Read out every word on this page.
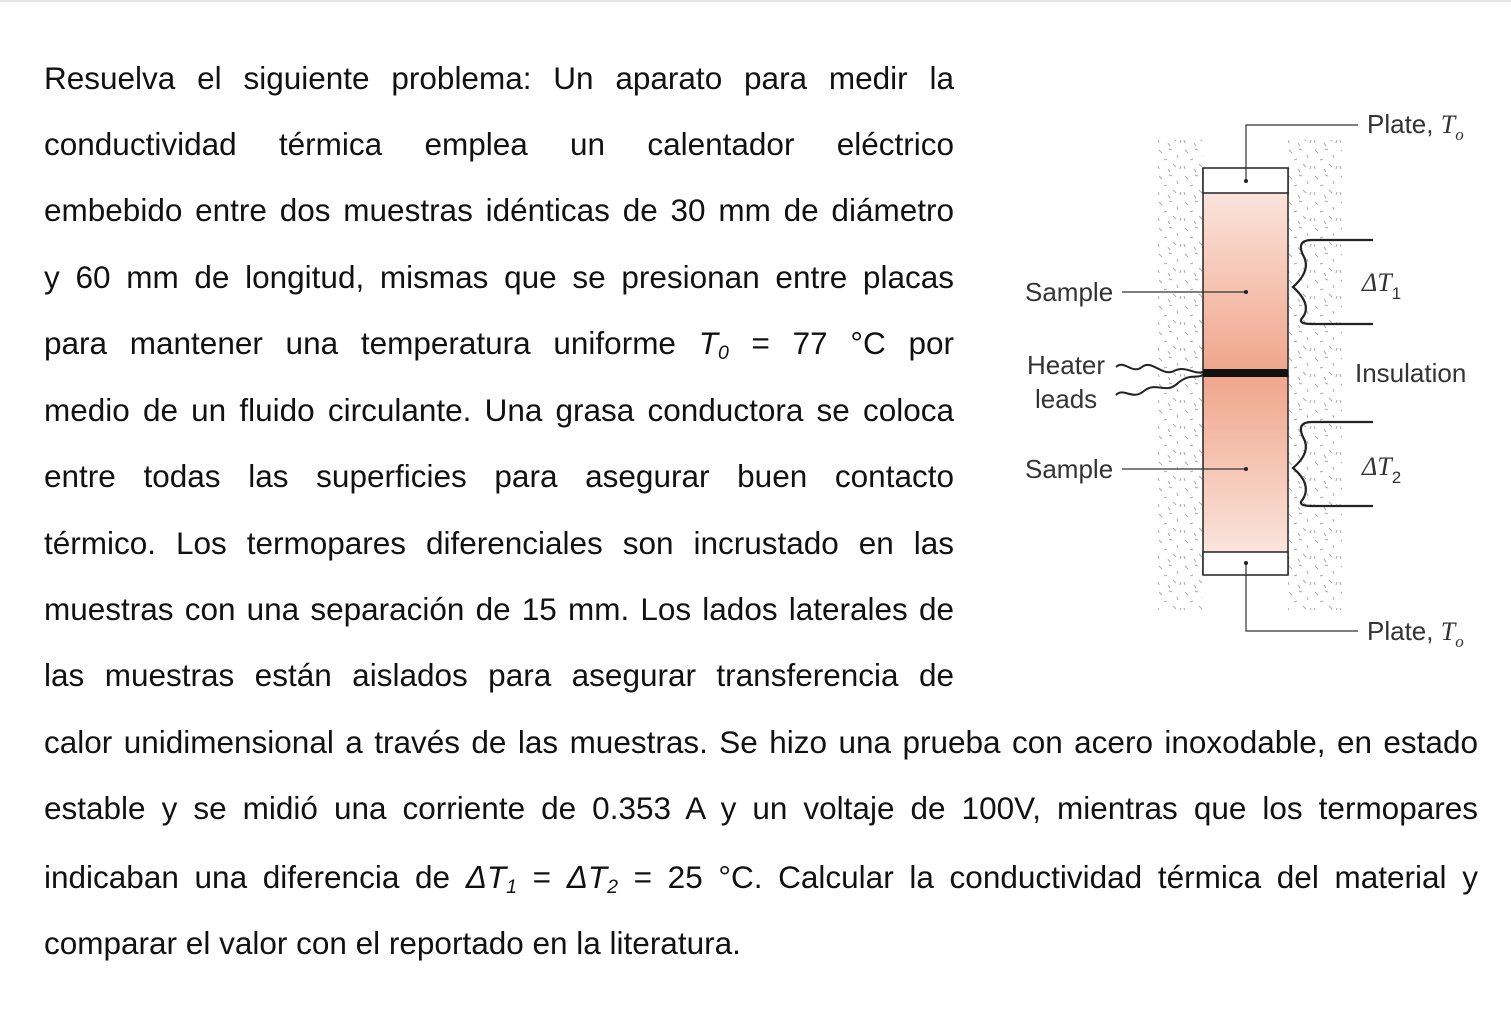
Resuelva el siguiente problema: Un aparato para medir la

conductividad térmica emplea un calentador eléctrico

embebido entre dos muestras idénticas de 30 mm de diámetro

y 60 mm de longitud, mismas que se presionan entre placas

para mantener una temperatura uniforme $T_0 = 77$ °C por

medio de un fluido circulante. Una grasa conductora se coloca

entre todas las superficies para asegurar buen contacto

térmico. Los termopares diferenciales son incrustado en las

muestras con una separación de 15 mm. Los lados laterales de

las muestras están aislados para asegurar transferencia de

calor unidimensional a través de las muestras. Se hizo una prueba con acero inoxodable, en estado

estable y se midió una corriente de 0.353 A y un voltaje de 100V, mientras que los termopares

indicaban una diferencia de $\Delta T_1 = \Delta T_2 = 25$ °C. Calcular la conductividad térmica del material y

comparar el valor con el reportado en la literatura.

Plate, $T_o$
Plate, $T_o$
Sample
Sample
Heater
leads
Insulation
$\Delta T_1$
$\Delta T_2$
